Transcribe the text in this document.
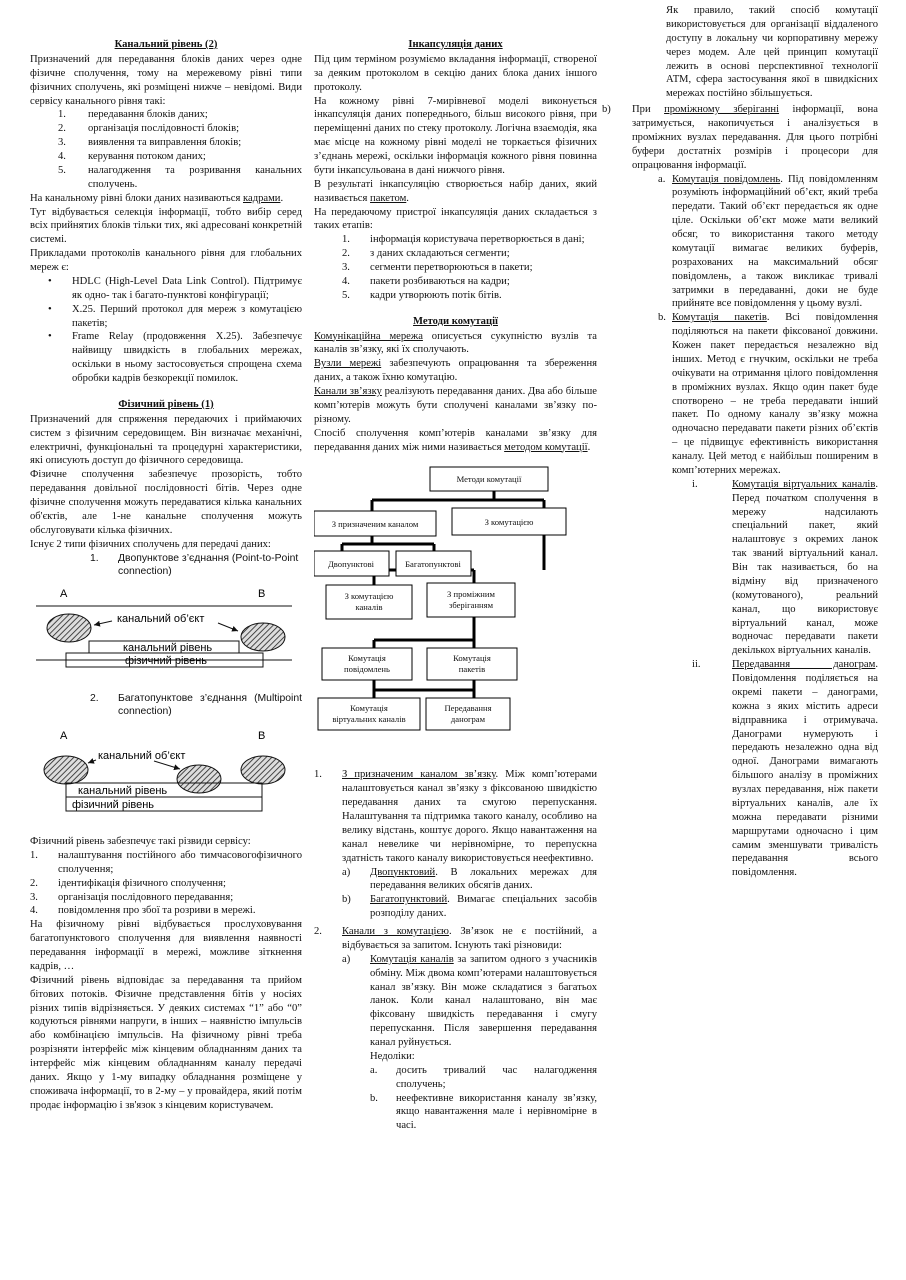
Канальний рівень (2)

Призначений для передавання блоків даних через одне фізичне сполучення, тому на мережевому рівні типи фізичних сполучень, які розміщені нижче – невідомі. Види сервісу канального рівня такі:

1.	передавання блоків даних;
2.	організація послідовності блоків;
3.	виявлення та виправлення блоків;
4.	керування потоком даних;
5.	налагодження та розривання канальних сполучень.

На канальному рівні блоки даних називаються кадрами.

Тут відбувається селекція інформації, тобто вибір серед всіх прийнятих блоків тільки тих, які адресовані конкретній системі.

Прикладами протоколів канального рівня для глобальних мереж є:

•	HDLC (High-Level Data Link Control). Підтримує як одно- так і багато-пунктові конфігурації;
•	X.25. Перший протокол для мереж з комутацією пакетів;
•	Frame Relay (продовження X.25). Забезпечує найвищу швидкість в глобальних мережах, оскільки в ньому застосовується спрощена схема обробки кадрів безкорекції помилок.

Фізичний рівень (1)

Призначений для спряження передаючих і приймаючих систем з фізичним середовищем. Він визначає механічні, електричні, функціональні та процедурні характеристики, які описують доступ до фізичного середовища.

Фізичне сполучення забезпечує прозорість, тобто передавання довільної послідовності бітів. Через одне фізичне сполучення можуть передаватися кілька канальних об'єктів, але 1-не канальне сполучення можуть обслуговувати кілька фізичних.

Існує 2 типи фізичних сполучень для передачі даних:

1.	Двопунктове з’єднання (Point-to-Point connection)
A	B
канальний об’єкт
канальний рівень
фізичний рівень
2.	Багатопунктове з’єднання (Multipoint connection)
A	B
канальний об’єкт
канальний рівень
фізичний рівень

Фізичний рівень забезпечує такі різвиди сервісу:

1.	налаштування постійного або тимчасовогофізичного сполучення;
2.	ідентифікація фізичного сполучення;
3.	організація послідовного передавання;
4.	повідомлення про збої та розриви в мережі.

На фізичному рівні відбувається прослуховування багатопунктового сполучення для виявлення наявності передавання інформації в мережі, можливе зіткнення кадрів, …

Фізичний рівень відповідає за передавання та прийом бітових потоків. Фізичне представлення бітів у носіях різних типів відрізняється. У деяких системах “1” або “0” кодуються рівнями напруги, в інших – наявністю імпульсів або комбінацією імпульсів. На фізичному рівні треба розрізняти інтерфейс між кінцевим обладнанням даних та інтерфейс між кінцевим обладнанням каналу передачі даних. Якщо у 1-му випадку обладнання розміщене у споживача інформації, то в 2-му – у провайдера, який потім продає інформацію і зв'язок з кінцевим користувачем.

Інкапсуляція даних

Під цим терміном розуміємо вкладання інформації, створеної за деяким протоколом в секцію даних блока даних іншого протоколу.

На кожному рівні 7-мирівневої моделі виконується інкапсуляція даних попереднього, більш високого рівня, при переміщенні даних по стеку протоколу. Логічна взаємодія, яка має місце на кожному рівні моделі не торкається фізичних з’єднань мережі, оскільки інформація кожного рівня повинна бути інкапсульована в дані нижчого рівня.

В результаті інкапсуляцію створюється набір даних, який називається пакетом.

На передаючому пристрої інкапсуляція даних складається з таких етапів:

1.	інформація користувача перетворюється в дані;
2.	з даних складаються сегменти;
3.	сегменти перетворюються в пакети;
4.	пакети розбиваються на кадри;
5.	кадри утворюють потік бітів.

Методи комутації

Комунікаційна мережа описується сукупністю вузлів та каналів зв’язку, які їх сполучають.

Вузли мережі забезпечують опрацювання та збереження даних, а також їхню комутацію.

Канали зв’язку реалізують передавання даних. Два або більше комп’ютерів можуть бути сполучені каналами зв’язку по-різному.

Спосіб сполучення комп’ютерів каналами зв’язку для передавання даних між ними називається методом комутації.

Методи комутації
З призначеним каналом	З комутацією
Двопунктові	Багатопунктові
З комутацією
каналів
З проміжним
зберіганням
Комутація
повідомлень
Комутація
пакетів
Комутація
віртуальних каналів
Передавання
данограм
1.	З призначеним каналом зв’язку. Між комп’ютерами налаштовується канал зв’язку з фіксованою швидкістю передавання даних та смугою перепускання. Налаштування та підтримка такого каналу, особливо на велику відстань, коштує дорого. Якщо навантаження на канал невелике чи нерівномірне, то перепускна здатність такого каналу використовується неефективно.
a)	Двопунктовий. В локальних мережах для передавання великих обсягів даних.
b)	Багатопунктовий. Вимагає спеціальних засобів розподілу даних.
2.	Канали з комутацією. Зв’язок не є постійний, а відбувається за запитом. Існують такі різновиди:
a)	Комутація каналів за запитом одного з учасників обміну. Між двома комп’ютерами налаштовується канал зв’язку. Він може складатися з багатьох ланок. Коли канал налаштовано, він має фіксовану швидкість передавання і смугу перепускання. Після завершення передавання канал руйнується.

Недоліки:

a.	досить тривалий час налагодження сполучень;
b.	неефективне використання каналу зв’язку, якщо навантаження мале і нерівномірне в часі.

Як правило, такий спосіб комутації використовується для організації віддаленого доступу в локальну чи корпоративну мережу через модем. Але цей принцип комутації лежить в основі перспективної технології АТМ, сфера застосування якої в швидкісних мережах постійно збільшується.

b)	При проміжному зберіганні інформації, вона затримується, накопичується і аналізується в проміжних вузлах передавання. Для цього потрібні буфери достатніх розмірів і процесори для опрацювання інформації.
a. Комутація повідомлень. Під повідомленням розуміють інформаційний об’єкт, який треба передати. Такий об’єкт передається як одне ціле. Оскільки об’єкт може мати великий обсяг, то використання такого методу комутації вимагає великих буферів, розрахованих на максимальний обсяг повідомлень, а також викликає тривалі затримки в передаванні, доки не буде прийняте все повідомлення у цьому вузлі.
b. Комутація пакетів. Всі повідомлення поділяються на пакети фіксованої довжини. Кожен пакет передається незалежно від інших. Метод є гнучким, оскільки не треба очікувати на отримання цілого повідомлення в проміжних вузлах. Якщо один пакет буде спотворено – не треба передавати інший пакет. По одному каналу зв’язку можна одночасно передавати пакети різних об’єктів – це підвищує ефективність використання каналу. Цей метод є найбільш поширеним в комп’ютерних мережах.
i.	Комутація віртуальних каналів. Перед початком сполучення в мережу надсилають спеціальний пакет, який налаштовує з окремих ланок так званий віртуальний канал. Він так називається, бо на відміну від призначеного (комутованого), реальний канал, що використовує віртуальний канал, може водночас передавати пакети декількох віртуальних каналів.
ii.	Передавання данограм. Повідомлення поділяється на окремі пакети – данограми, кожна з яких містить адреси відправника і отримувача. Данограми нумерують і передають незалежно одна від одної. Данограми вимагають більшого аналізу в проміжних вузлах передавання, ніж пакети віртуальних каналів, але їх можна передавати різними маршрутами одночасно і цим самим зменшувати тривалість передавання всього повідомлення.
